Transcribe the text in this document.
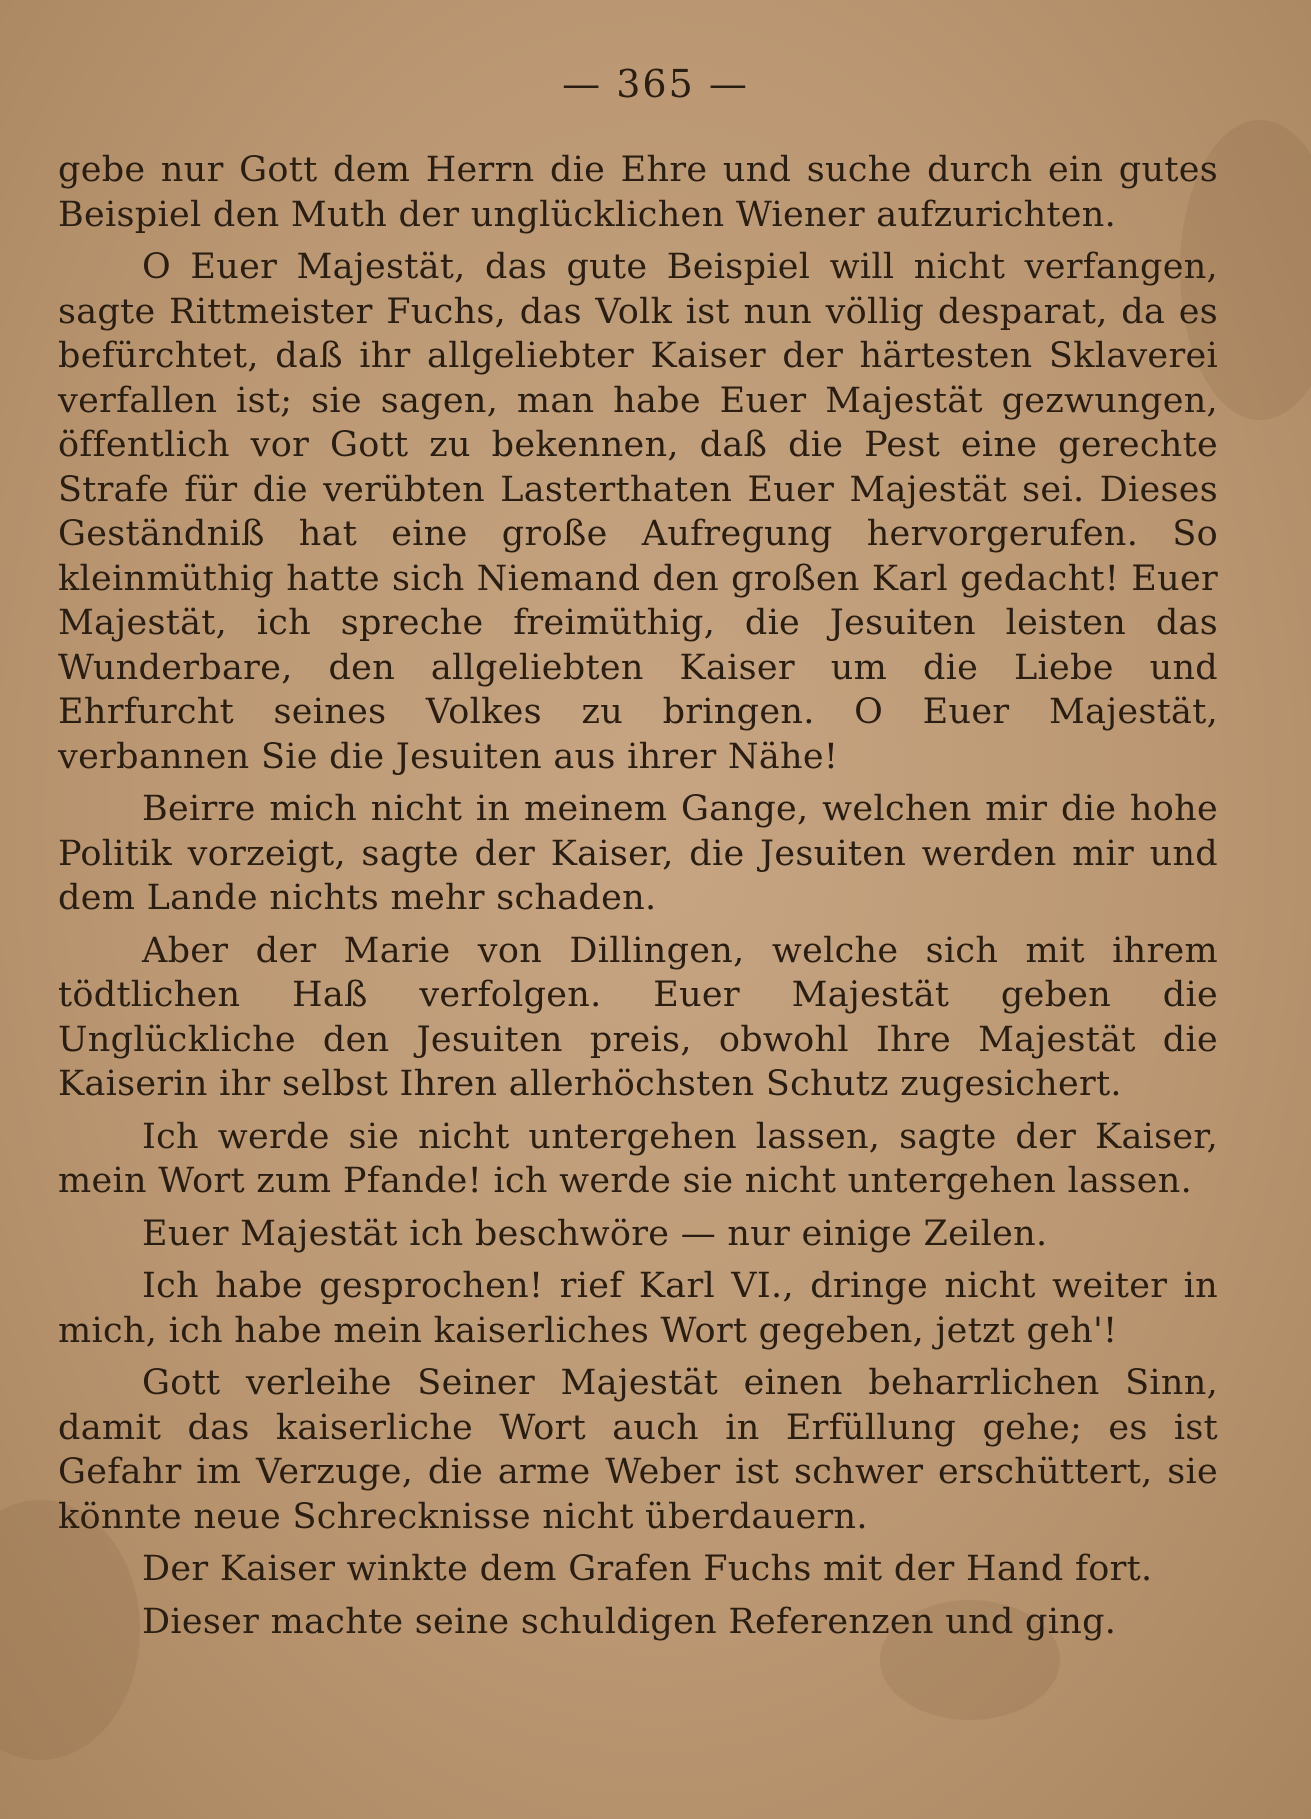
— 365 —

gebe nur Gott dem Herrn die Ehre und suche durch ein gutes Beispiel den Muth der unglücklichen Wiener aufzurichten.

O Euer Majestät, das gute Beispiel will nicht verfangen, sagte Rittmeister Fuchs, das Volk ist nun völlig desparat, da es befürchtet, daß ihr allgeliebter Kaiser der härtesten Sklaverei verfallen ist; sie sagen, man habe Euer Majestät gezwungen, öffentlich vor Gott zu bekennen, daß die Pest eine gerechte Strafe für die verübten Lasterthaten Euer Majestät sei. Dieses Geständniß hat eine große Aufregung hervorgerufen. So kleinmüthig hatte sich Niemand den großen Karl gedacht! Euer Majestät, ich spreche freimüthig, die Jesuiten leisten das Wunderbare, den allgeliebten Kaiser um die Liebe und Ehrfurcht seines Volkes zu bringen. O Euer Majestät, verbannen Sie die Jesuiten aus ihrer Nähe!

Beirre mich nicht in meinem Gange, welchen mir die hohe Politik vorzeigt, sagte der Kaiser, die Jesuiten werden mir und dem Lande nichts mehr schaden.

Aber der Marie von Dillingen, welche sich mit ihrem tödtlichen Haß verfolgen. Euer Majestät geben die Unglückliche den Jesuiten preis, obwohl Ihre Majestät die Kaiserin ihr selbst Ihren allerhöchsten Schutz zugesichert.

Ich werde sie nicht untergehen lassen, sagte der Kaiser, mein Wort zum Pfande! ich werde sie nicht untergehen lassen.

Euer Majestät ich beschwöre — nur einige Zeilen.

Ich habe gesprochen! rief Karl VI., dringe nicht weiter in mich, ich habe mein kaiserliches Wort gegeben, jetzt geh'!

Gott verleihe Seiner Majestät einen beharrlichen Sinn, damit das kaiserliche Wort auch in Erfüllung gehe; es ist Gefahr im Verzuge, die arme Weber ist schwer erschüttert, sie könnte neue Schrecknisse nicht überdauern.

Der Kaiser winkte dem Grafen Fuchs mit der Hand fort.

Dieser machte seine schuldigen Referenzen und ging.
